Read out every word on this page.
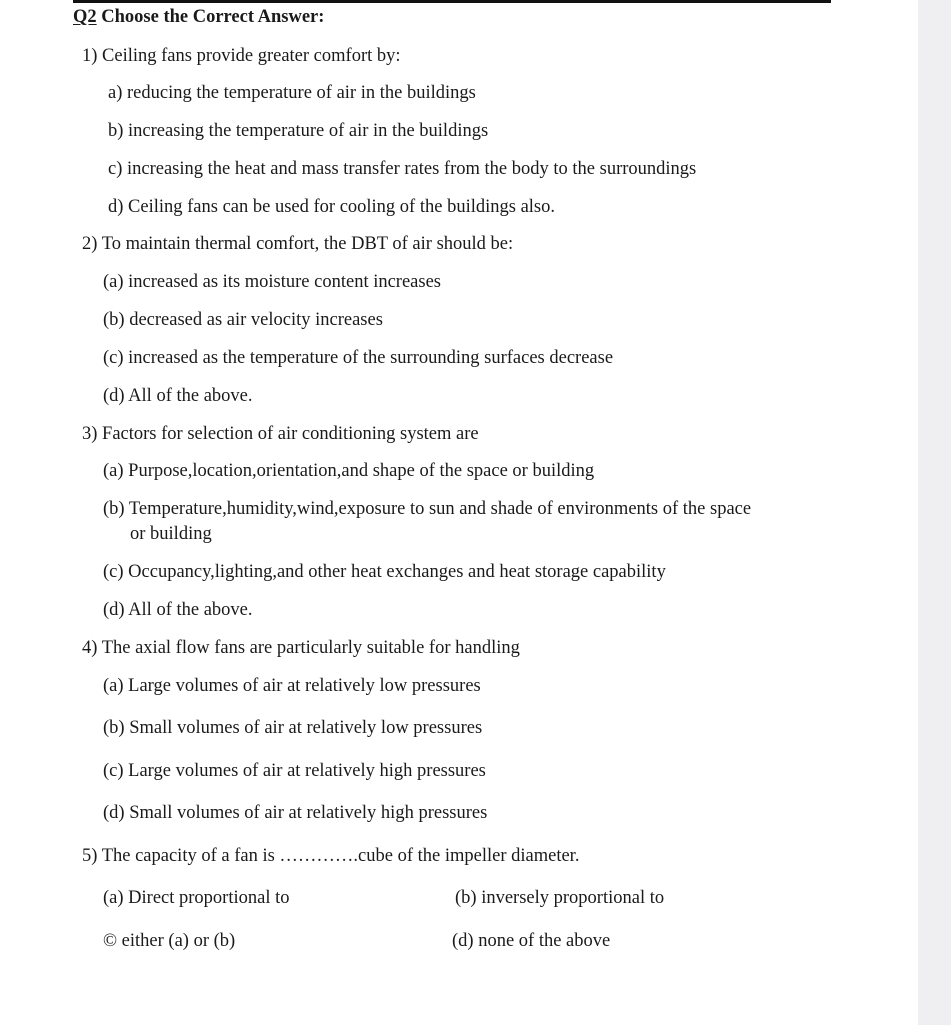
Q2 Choose the Correct Answer:
1) Ceiling fans provide greater comfort by:
a) reducing the temperature of air in the buildings
b) increasing the temperature of air in the buildings
c) increasing the heat and mass transfer rates from the body to the surroundings
d) Ceiling fans can be used for cooling of the buildings also.
2) To maintain thermal comfort, the DBT of air should be:
(a) increased as its moisture content increases
(b) decreased as air velocity increases
(c) increased as the temperature of the surrounding surfaces decrease
(d) All of the above.
3) Factors for selection of air conditioning system are
(a) Purpose,location,orientation,and shape of the space or building
(b) Temperature,humidity,wind,exposure to sun and shade of environments of the space
or building
(c) Occupancy,lighting,and other heat exchanges and heat storage capability
(d) All of the above.
4) The axial flow fans are particularly suitable for handling
(a) Large volumes of air at relatively low pressures
(b) Small volumes of air at relatively low pressures
(c) Large volumes of air at relatively high pressures
(d) Small volumes of air at relatively high pressures
5) The capacity of a fan is ………….cube of the impeller diameter.
(a) Direct proportional to	(b) inversely proportional to
© either (a) or (b)	(d) none of the above
